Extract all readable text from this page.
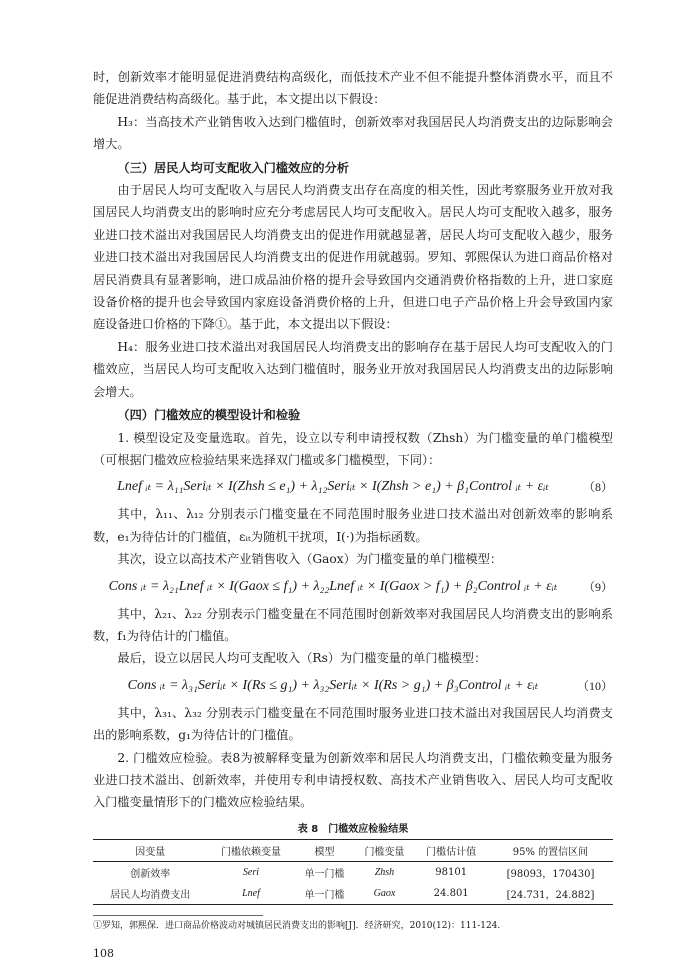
时，创新效率才能明显促进消费结构高级化，而低技术产业不但不能提升整体消费水平，而且不能促进消费结构高级化。基于此，本文提出以下假设：

H₃：当高技术产业销售收入达到门槛值时，创新效率对我国居民人均消费支出的边际影响会增大。

（三）居民人均可支配收入门槛效应的分析

由于居民人均可支配收入与居民人均消费支出存在高度的相关性，因此考察服务业开放对我国居民人均消费支出的影响时应充分考虑居民人均可支配收入。居民人均可支配收入越多，服务业进口技术溢出对我国居民人均消费支出的促进作用就越显著，居民人均可支配收入越少，服务业进口技术溢出对我国居民人均消费支出的促进作用就越弱。罗知、郭熙保认为进口商品价格对居民消费具有显著影响，进口成品油价格的提升会导致国内交通消费价格指数的上升，进口家庭设备价格的提升也会导致国内家庭设备消费价格的上升，但进口电子产品价格上升会导致国内家庭设备进口价格的下降①。基于此，本文提出以下假设：

H₄：服务业进口技术溢出对我国居民人均消费支出的影响存在基于居民人均可支配收入的门槛效应，当居民人均可支配收入达到门槛值时，服务业开放对我国居民人均消费支出的边际影响会增大。

（四）门槛效应的模型设计和检验

1. 模型设定及变量选取。首先，设立以专利申请授权数（Zhsh）为门槛变量的单门槛模型（可根据门槛效应检验结果来选择双门槛或多门槛模型，下同）：

Lnef ᵢₜ = λ₁₁Seriᵢₜ × I(Zhsh ≤ e₁) + λ₁₂Seriᵢₜ × I(Zhsh > e₁) + β₁Control ᵢₜ + εᵢₜ	（8）

其中，λ₁₁、λ₁₂ 分别表示门槛变量在不同范围时服务业进口技术溢出对创新效率的影响系数，e₁为待估计的门槛值，εᵢₜ为随机干扰项，I(·)为指标函数。

其次，设立以高技术产业销售收入（Gaox）为门槛变量的单门槛模型：

Cons ᵢₜ = λ₂₁Lnef ᵢₜ × I(Gaox ≤ f₁) + λ₂₂Lnef ᵢₜ × I(Gaox > f₁) + β₂Control ᵢₜ + εᵢₜ （9）

其中，λ₂₁、λ₂₂ 分别表示门槛变量在不同范围时创新效率对我国居民人均消费支出的影响系数，f₁为待估计的门槛值。

最后，设立以居民人均可支配收入（Rs）为门槛变量的单门槛模型：

Cons ᵢₜ = λ₃₁Seriᵢₜ × I(Rs ≤ g₁) + λ₃₂Seriᵢₜ × I(Rs > g₁) + β₃Control ᵢₜ + εᵢₜ	（10）

其中，λ₃₁、λ₃₂ 分别表示门槛变量在不同范围时服务业进口技术溢出对我国居民人均消费支出的影响系数，g₁为待估计的门槛值。

2. 门槛效应检验。表8为被解释变量为创新效率和居民人均消费支出，门槛依赖变量为服务业进口技术溢出、创新效率，并使用专利申请授权数、高技术产业销售收入、居民人均可支配收入门槛变量情形下的门槛效应检验结果。

表 8　门槛效应检验结果
因变量	门槛依赖变量	模型	门槛变量	门槛估计值	95% 的置信区间
创新效率	Seri	单一门槛	Zhsh	98101	[98093，170430]
居民人均消费支出	Lnef	单一门槛	Gaox	24.801	[24.731，24.882]
①罗知，郭熙保．进口商品价格波动对城镇居民消费支出的影响[J]．经济研究，2010(12)：111-124.
108
